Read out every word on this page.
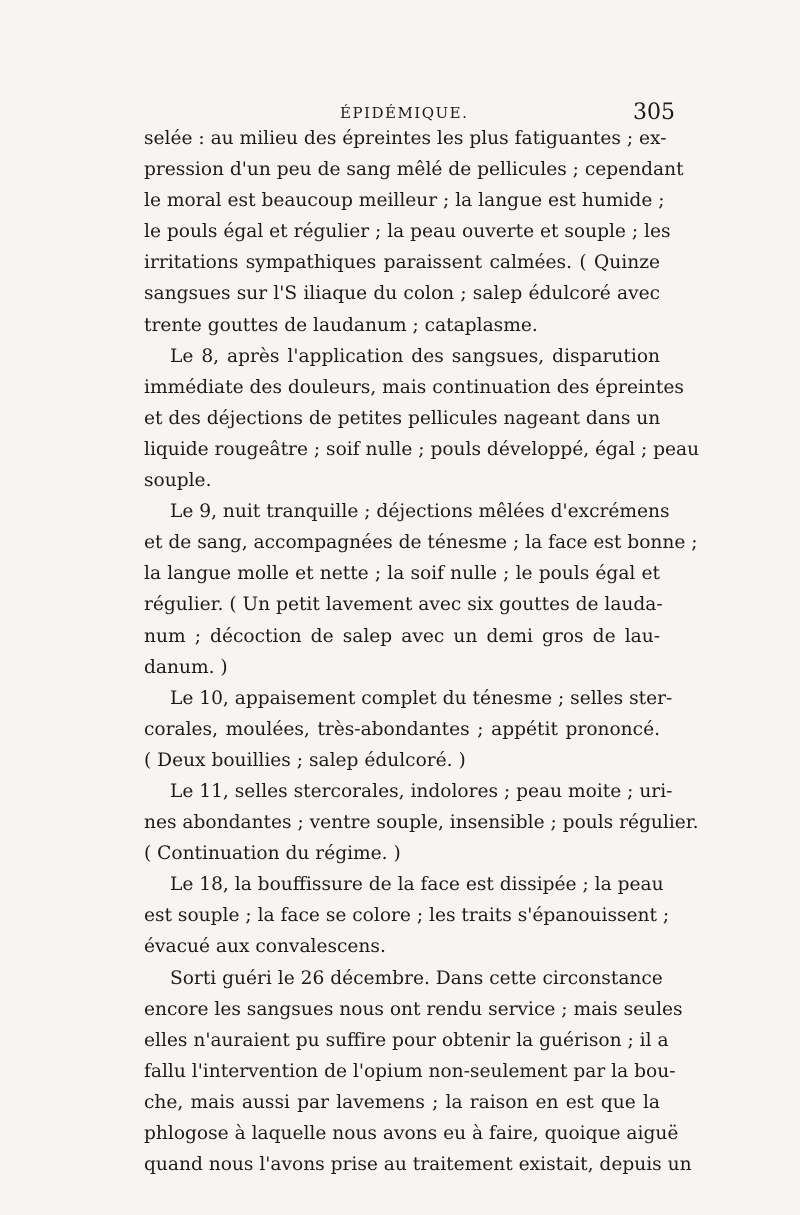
ÉPIDÉMIQUE.	305
selée : au milieu des épreintes les plus fatiguantes ; ex-
pression d'un peu de sang mêlé de pellicules ; cependant
le moral est beaucoup meilleur ; la langue est humide ;
le pouls égal et régulier ; la peau ouverte et souple ; les
irritations sympathiques paraissent calmées. ( Quinze
sangsues sur l'S iliaque du colon ; salep édulcoré avec
trente gouttes de laudanum ; cataplasme.
Le 8, après l'application des sangsues, disparution
immédiate des douleurs, mais continuation des épreintes
et des déjections de petites pellicules nageant dans un
liquide rougeâtre ; soif nulle ; pouls développé, égal ; peau
souple.
Le 9, nuit tranquille ; déjections mêlées d'excrémens
et de sang, accompagnées de ténesme ; la face est bonne ;
la langue molle et nette ; la soif nulle ; le pouls égal et
régulier. ( Un petit lavement avec six gouttes de lauda-
num ; décoction de salep avec un demi gros de lau-
danum. )
Le 10, appaisement complet du ténesme ; selles ster-
corales, moulées, très-abondantes ; appétit prononcé.
( Deux bouillies ; salep édulcoré. )
Le 11, selles stercorales, indolores ; peau moite ; uri-
nes abondantes ; ventre souple, insensible ; pouls régulier.
( Continuation du régime. )
Le 18, la bouffissure de la face est dissipée ; la peau
est souple ; la face se colore ; les traits s'épanouissent ;
évacué aux convalescens.
Sorti guéri le 26 décembre. Dans cette circonstance
encore les sangsues nous ont rendu service ; mais seules
elles n'auraient pu suffire pour obtenir la guérison ; il a
fallu l'intervention de l'opium non-seulement par la bou-
che, mais aussi par lavemens ; la raison en est que la
phlogose à laquelle nous avons eu à faire, quoique aiguë
quand nous l'avons prise au traitement existait, depuis un
